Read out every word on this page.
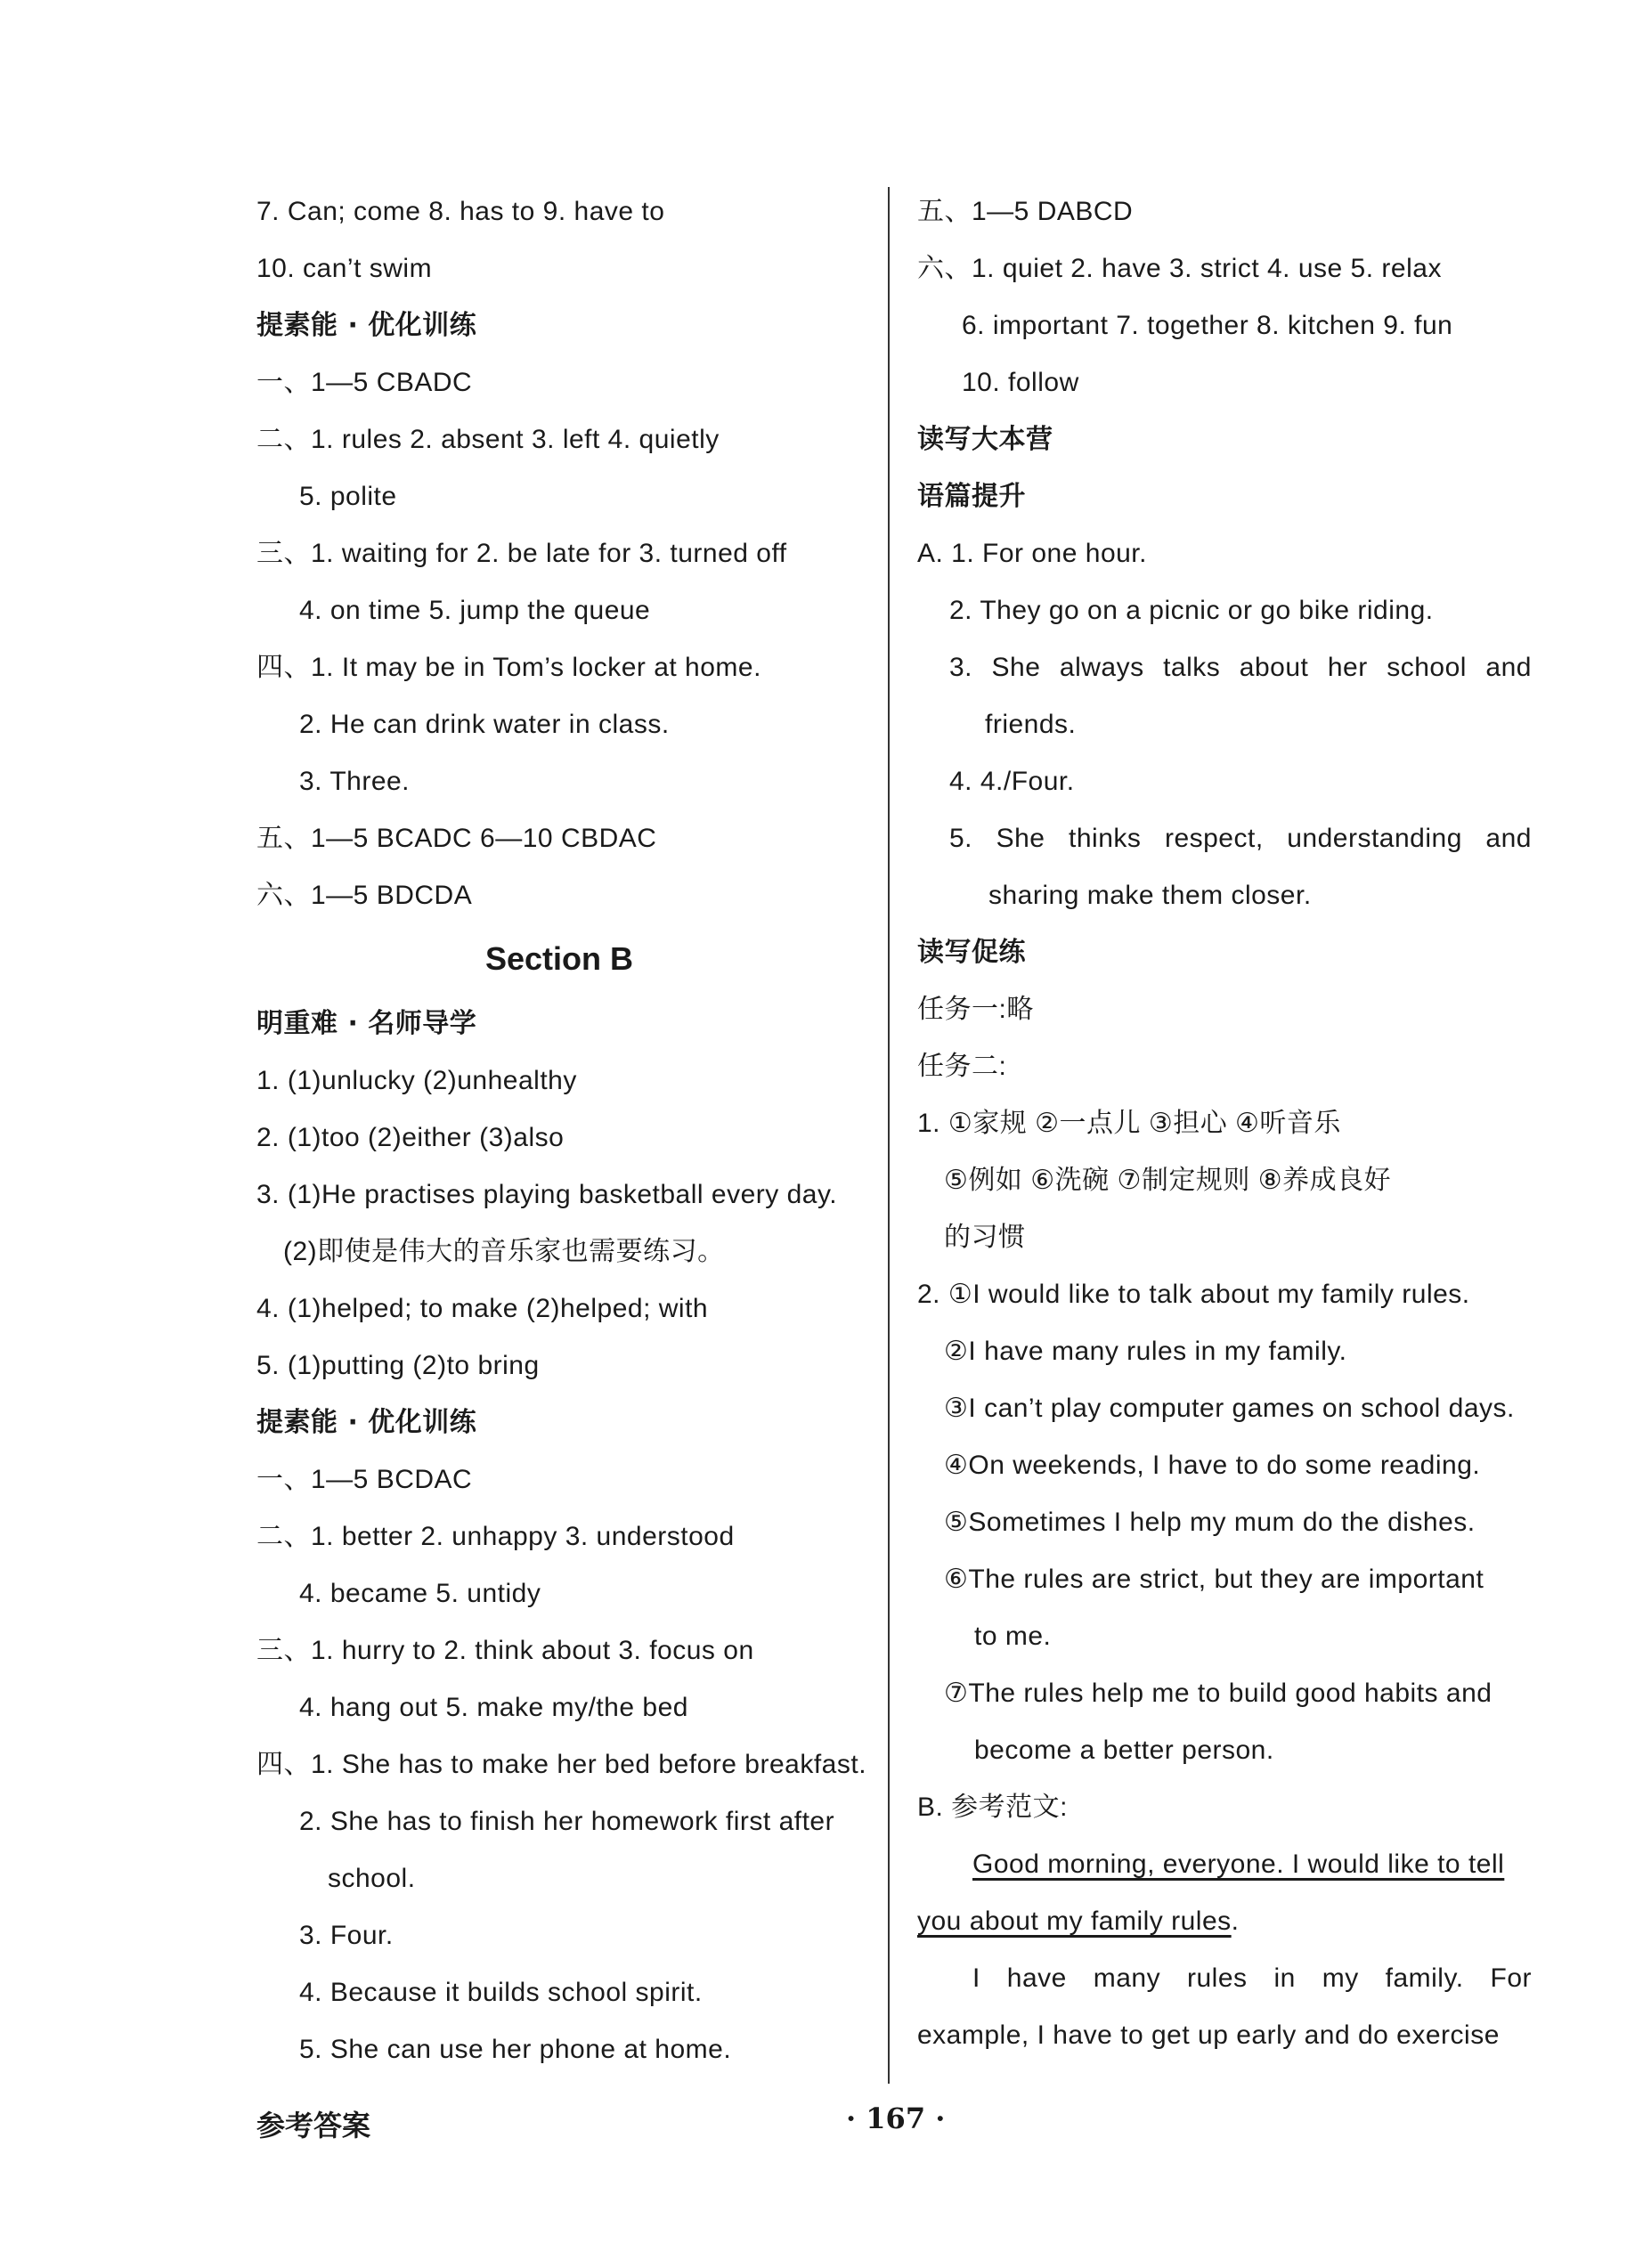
7. Can; come 8. has to 9. have to
10. can’t swim
提素能 · 优化训练
一、1—5 CBADC
二、1. rules 2. absent 3. left 4. quietly
5. polite
三、1. waiting for 2. be late for 3. turned off
4. on time 5. jump the queue
四、1. It may be in Tom’s locker at home.
2. He can drink water in class.
3. Three.
五、1—5 BCADC 6—10 CBDAC
六、1—5 BDCDA
Section B
明重难 · 名师导学
1. (1)unlucky (2)unhealthy
2. (1)too (2)either (3)also
3. (1)He practises playing basketball every day.
(2)即使是伟大的音乐家也需要练习。
4. (1)helped; to make (2)helped; with
5. (1)putting (2)to bring
提素能 · 优化训练
一、1—5 BCDAC
二、1. better 2. unhappy 3. understood
4. became 5. untidy
三、1. hurry to 2. think about 3. focus on
4. hang out 5. make my/the bed
四、1. She has to make her bed before breakfast.
2. She has to finish her homework first after
school.
3. Four.
4. Because it builds school spirit.
5. She can use her phone at home.
五、1—5 DABCD
六、1. quiet 2. have 3. strict 4. use 5. relax
6. important 7. together 8. kitchen 9. fun
10. follow
读写大本营
语篇提升
A. 1. For one hour.
2. They go on a picnic or go bike riding.
3. She always talks about her school and
friends.
4. 4./Four.
5. She thinks respect, understanding and
sharing make them closer.
读写促练
任务一:略
任务二:
1. ①家规 ②一点儿 ③担心 ④听音乐
⑤例如 ⑥洗碗 ⑦制定规则 ⑧养成良好
的习惯
2. ①I would like to talk about my family rules.
②I have many rules in my family.
③I can’t play computer games on school days.
④On weekends, I have to do some reading.
⑤Sometimes I help my mum do the dishes.
⑥The rules are strict, but they are important
to me.
⑦The rules help me to build good habits and
become a better person.
B. 参考范文:
Good morning, everyone. I would like to tell
you about my family rules.
I have many rules in my family. For
example, I have to get up early and do exercise
参考答案	· 167 ·
